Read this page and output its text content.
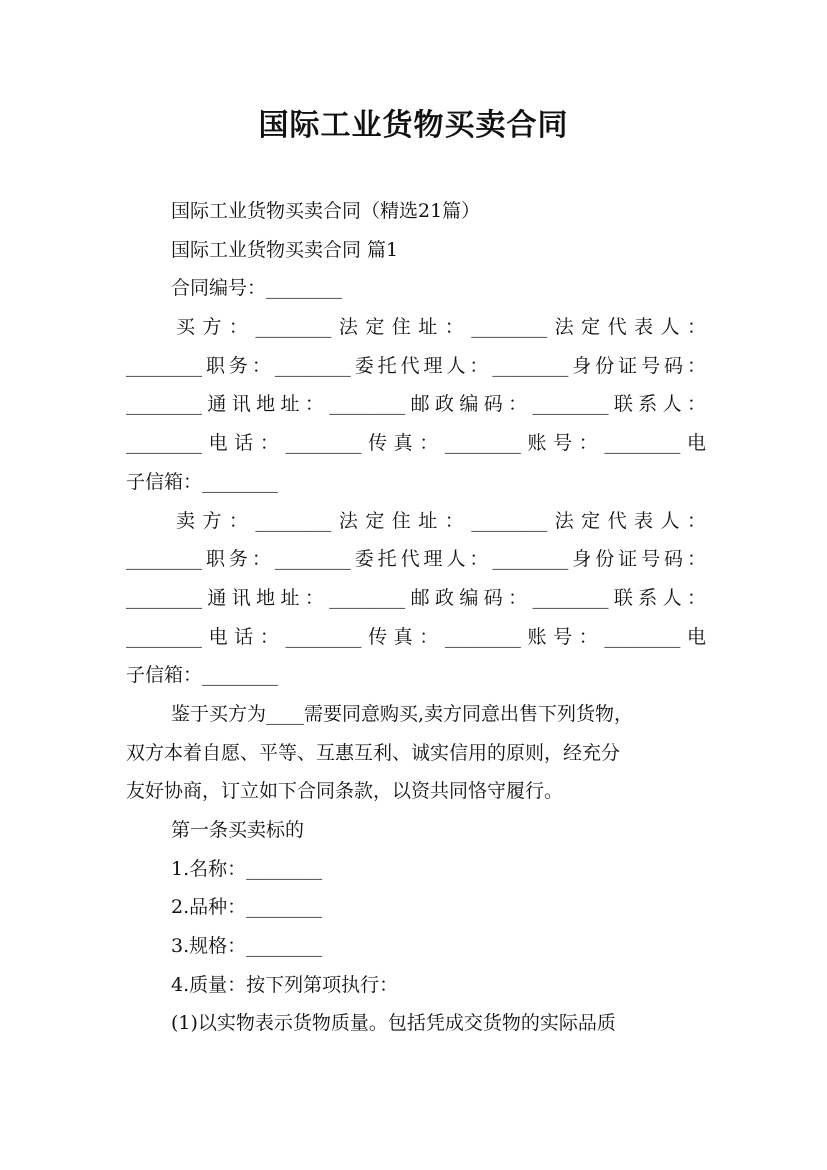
国际工业货物买卖合同
国际工业货物买卖合同（精选21篇）
国际工业货物买卖合同 篇1
合同编号：________
买方：________法定住址：________法定代表人：
________职务：________委托代理人：________身份证号码：
________通讯地址：________邮政编码：________联系人：
________电话：________传真：________账号：________电
子信箱：________
卖方：________法定住址：________法定代表人：
________职务：________委托代理人：________身份证号码：
________通讯地址：________邮政编码：________联系人：
________电话：________传真：________账号：________电
子信箱：________
鉴于买方为____需要同意购买,卖方同意出售下列货物，
双方本着自愿、平等、互惠互利、诚实信用的原则，经充分
友好协商，订立如下合同条款，以资共同恪守履行。
第一条买卖标的
1.名称：________
2.品种：________
3.规格：________
4.质量：按下列第项执行：
(1)以实物表示货物质量。包括凭成交货物的实际品质
